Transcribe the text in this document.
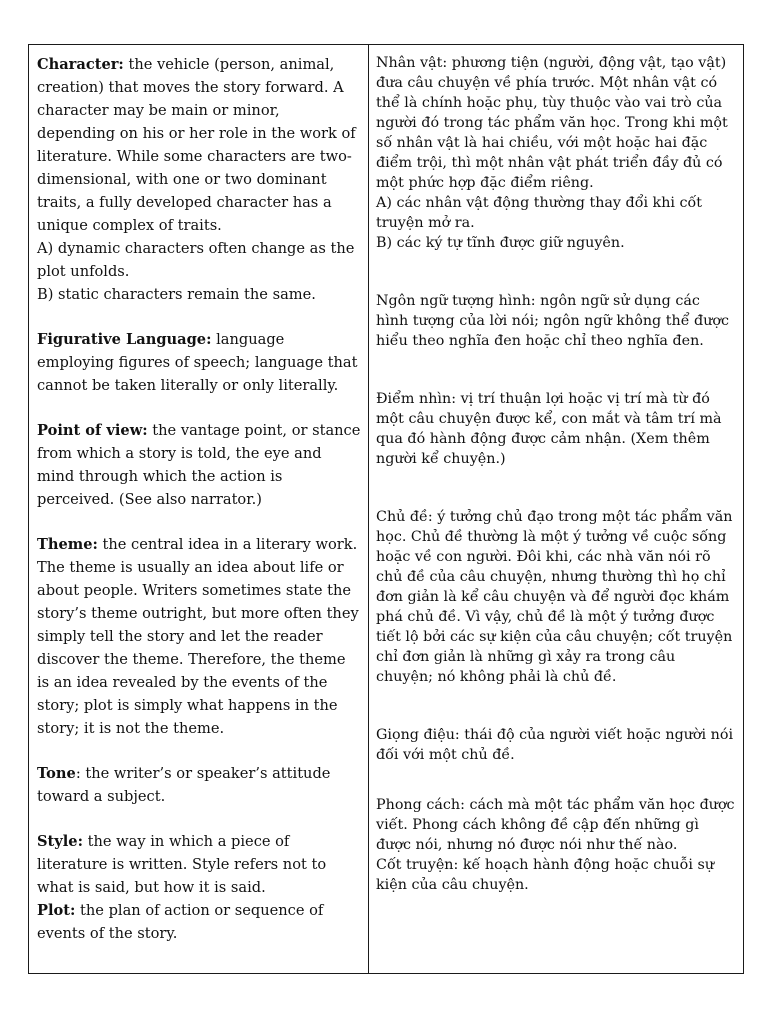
Character: the vehicle (person, animal, creation) that moves the story forward. A character may be main or minor, depending on his or her role in the work of literature. While some characters are two- dimensional, with one or two dominant traits, a fully developed character has a unique complex of traits.
A) dynamic characters often change as the plot unfolds.
B) static characters remain the same.

Figurative Language: language employing figures of speech; language that cannot be taken literally or only literally.

Point of view: the vantage point, or stance from which a story is told, the eye and mind through which the action is perceived. (See also narrator.)

Theme: the central idea in a literary work. The theme is usually an idea about life or about people. Writers sometimes state the story’s theme outright, but more often they simply tell the story and let the reader discover the theme. Therefore, the theme is an idea revealed by the events of the story; plot is simply what happens in the story; it is not the theme.

Tone: the writer’s or speaker’s attitude toward a subject.

Style: the way in which a piece of literature is written. Style refers not to what is said, but how it is said.

Plot: the plan of action or sequence of events of the story.

Nhân vật: phương tiện (người, động vật, tạo vật) đưa câu chuyện về phía trước. Một nhân vật có thể là chính hoặc phụ, tùy thuộc vào vai trò của người đó trong tác phẩm văn học. Trong khi một số nhân vật là hai chiều, với một hoặc hai đặc điểm trội, thì một nhân vật phát triển đầy đủ có một phức hợp đặc điểm riêng.
A) các nhân vật động thường thay đổi khi cốt truyện mở ra.
B) các ký tự tĩnh được giữ nguyên.

Ngôn ngữ tượng hình: ngôn ngữ sử dụng các hình tượng của lời nói; ngôn ngữ không thể được hiểu theo nghĩa đen hoặc chỉ theo nghĩa đen.

Điểm nhìn: vị trí thuận lợi hoặc vị trí mà từ đó một câu chuyện được kể, con mắt và tâm trí mà qua đó hành động được cảm nhận. (Xem thêm người kể chuyện.)

Chủ đề: ý tưởng chủ đạo trong một tác phẩm văn học. Chủ đề thường là một ý tưởng về cuộc sống hoặc về con người. Đôi khi, các nhà văn nói rõ chủ đề của câu chuyện, nhưng thường thì họ chỉ đơn giản là kể câu chuyện và để người đọc khám phá chủ đề. Vì vậy, chủ đề là một ý tưởng được tiết lộ bởi các sự kiện của câu chuyện; cốt truyện chỉ đơn giản là những gì xảy ra trong câu chuyện; nó không phải là chủ đề.

Giọng điệu: thái độ của người viết hoặc người nói đối với một chủ đề.

Phong cách: cách mà một tác phẩm văn học được viết. Phong cách không đề cập đến những gì được nói, nhưng nó được nói như thế nào.

Cốt truyện: kế hoạch hành động hoặc chuỗi sự kiện của câu chuyện.
